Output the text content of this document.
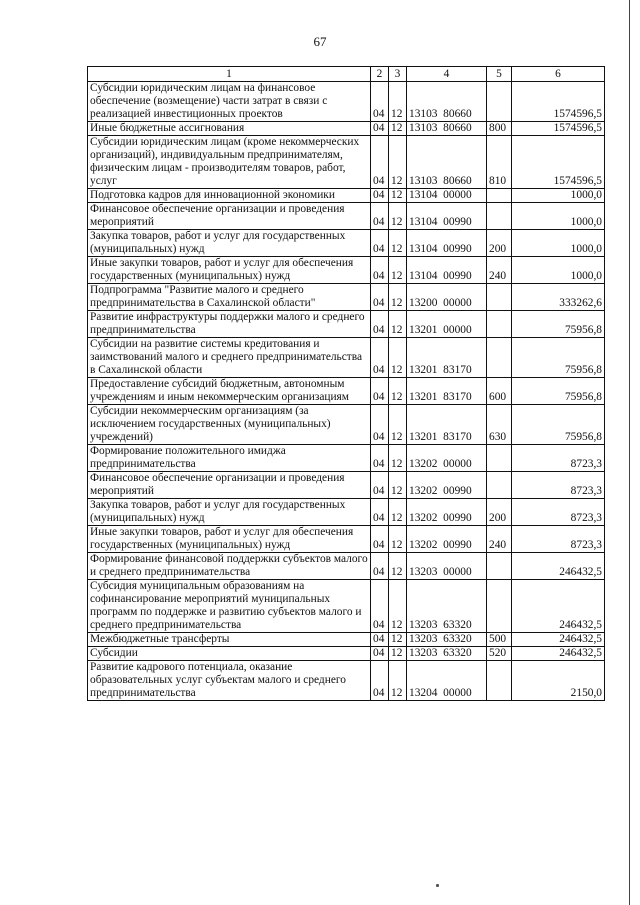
67
1	2	3	4	5	6
Субсидии юридическим лицам на финансовое обеспечение (возмещение) части затрат в связи с реализацией инвестиционных проектов	04	12	13103  80660		1574596,5
Иные бюджетные ассигнования	04	12	13103  80660	800	1574596,5
Субсидии юридическим лицам (кроме некоммерческих организаций), индивидуальным предпринимателям, физическим лицам - производителям товаров, работ, услуг	04	12	13103  80660	810	1574596,5
Подготовка кадров для инновационной экономики	04	12	13104  00000		1000,0
Финансовое обеспечение организации и проведения мероприятий	04	12	13104  00990		1000,0
Закупка товаров, работ и услуг для государственных (муниципальных) нужд	04	12	13104  00990	200	1000,0
Иные закупки товаров, работ и услуг для обеспечения государственных (муниципальных) нужд	04	12	13104  00990	240	1000,0
Подпрограмма "Развитие малого и среднего предпринимательства в Сахалинской области"	04	12	13200  00000		333262,6
Развитие инфраструктуры поддержки малого и среднего предпринимательства	04	12	13201  00000		75956,8
Субсидии на развитие системы кредитования и заимствований малого и среднего предпринимательства в Сахалинской области	04	12	13201  83170		75956,8
Предоставление субсидий бюджетным, автономным учреждениям и иным некоммерческим организациям	04	12	13201  83170	600	75956,8
Субсидии некоммерческим организациям (за исключением государственных (муниципальных) учреждений)	04	12	13201  83170	630	75956,8
Формирование положительного имиджа предпринимательства	04	12	13202  00000		8723,3
Финансовое обеспечение организации и проведения мероприятий	04	12	13202  00990		8723,3
Закупка товаров, работ и услуг для государственных (муниципальных) нужд	04	12	13202  00990	200	8723,3
Иные закупки товаров, работ и услуг для обеспечения государственных (муниципальных) нужд	04	12	13202  00990	240	8723,3
Формирование финансовой поддержки субъектов малого и среднего предпринимательства	04	12	13203  00000		246432,5
Субсидия муниципальным образованиям на софинансирование мероприятий муниципальных программ по поддержке и развитию субъектов малого и среднего предпринимательства	04	12	13203  63320		246432,5
Межбюджетные трансферты	04	12	13203  63320	500	246432,5
Субсидии	04	12	13203  63320	520	246432,5
Развитие кадрового потенциала, оказание образовательных услуг субъектам малого и среднего предпринимательства	04	12	13204  00000		2150,0
